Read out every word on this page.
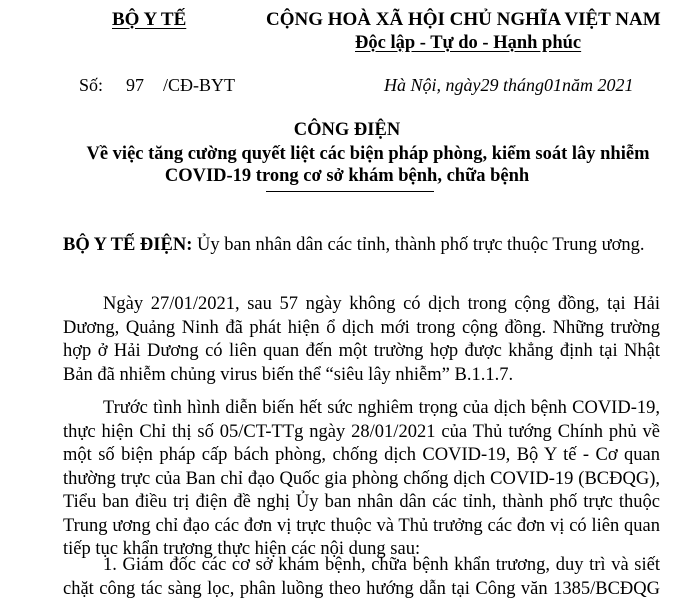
BỘ Y TẾ	CỘNG HOÀ XÃ HỘI CHỦ NGHĨA VIỆT NAM
Độc lập - Tự do - Hạnh phúc
Số: 97 /CĐ-BYT	Hà Nội, ngày29 tháng01năm 2021
CÔNG ĐIỆN
Về việc tăng cường quyết liệt các biện pháp phòng, kiểm soát lây nhiễm
COVID-19 trong cơ sở khám bệnh, chữa bệnh
BỘ Y TẾ ĐIỆN: Ủy ban nhân dân các tỉnh, thành phố trực thuộc Trung ương.
Ngày 27/01/2021, sau 57 ngày không có dịch trong cộng đồng, tại Hải
Dương, Quảng Ninh đã phát hiện ổ dịch mới trong cộng đồng. Những trường
hợp ở Hải Dương có liên quan đến một trường hợp được khẳng định tại Nhật
Bản đã nhiễm chủng virus biến thể “siêu lây nhiễm” B.1.1.7.
Trước tình hình diễn biến hết sức nghiêm trọng của dịch bệnh COVID-19,
thực hiện Chỉ thị số 05/CT-TTg ngày 28/01/2021 của Thủ tướng Chính phủ về
một số biện pháp cấp bách phòng, chống dịch COVID-19, Bộ Y tế - Cơ quan
thường trực của Ban chỉ đạo Quốc gia phòng chống dịch COVID-19 (BCĐQG),
Tiểu ban điều trị điện đề nghị Ủy ban nhân dân các tỉnh, thành phố trực thuộc
Trung ương chỉ đạo các đơn vị trực thuộc và Thủ trưởng các đơn vị có liên quan
tiếp tục khẩn trương thực hiện các nội dung sau:
1. Giám đốc các cơ sở khám bệnh, chữa bệnh khẩn trương, duy trì và siết
chặt công tác sàng lọc, phân luồng theo hướng dẫn tại Công văn 1385/BCĐQG
